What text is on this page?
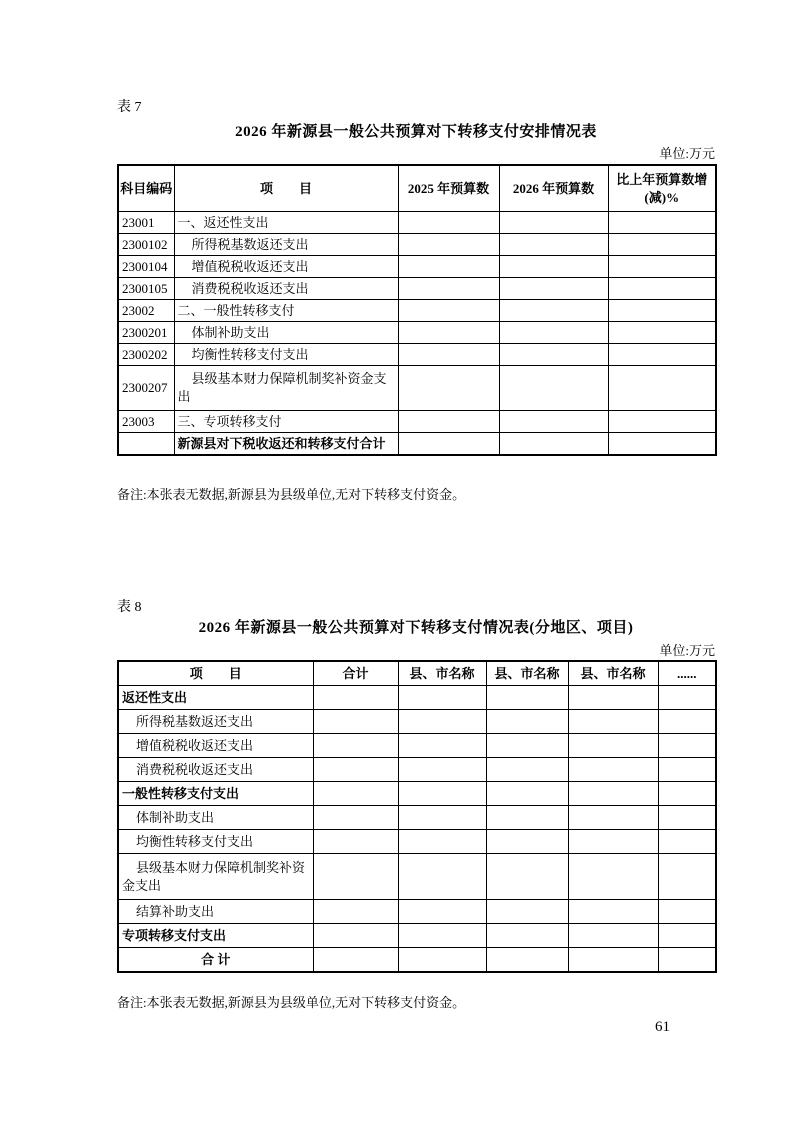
表 7
2026 年新源县一般公共预算对下转移支付安排情况表
单位:万元
科目编码	项　　目	2025 年预算数	2026 年预算数	比上年预算数增(减)%
23001	一、返还性支出			
2300102	所得税基数返还支出			
2300104	增值税税收返还支出			
2300105	消费税税收返还支出			
23002	二、一般性转移支付			
2300201	体制补助支出			
2300202	均衡性转移支付支出			
2300207	县级基本财力保障机制奖补资金支出			
23003	三、专项转移支付			
	新源县对下税收返还和转移支付合计			
备注:本张表无数据,新源县为县级单位,无对下转移支付资金。
表 8
2026 年新源县一般公共预算对下转移支付情况表(分地区、项目)
单位:万元
项　　目	合计	县、市名称	县、市名称	县、市名称	......
返还性支出					
所得税基数返还支出					
增值税税收返还支出					
消费税税收返还支出					
一般性转移支付支出					
体制补助支出					
均衡性转移支付支出					
县级基本财力保障机制奖补资金支出					
结算补助支出					
专项转移支付支出					
合 计					
备注:本张表无数据,新源县为县级单位,无对下转移支付资金。
61
